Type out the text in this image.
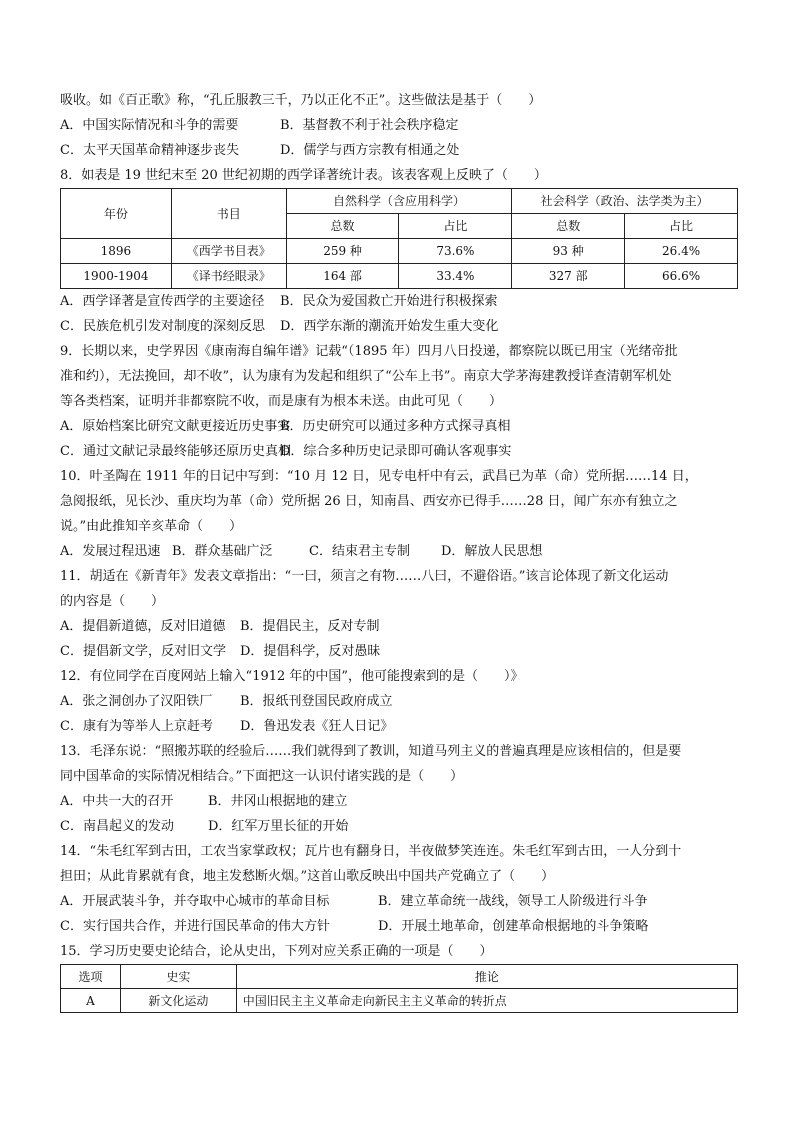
吸收。如《百正歌》称，“孔丘服教三千，乃以正化不正”。这些做法是基于（　　）
A．中国实际情况和斗争的需要	B．基督教不利于社会秩序稳定
C．太平天国革命精神逐步丧失	D．儒学与西方宗教有相通之处
8．如表是 19 世纪末至 20 世纪初期的西学译著统计表。该表客观上反映了（　　）
年份	书目	自然科学（含应用科学）		社会科学（政治、法学类为主）	
		总数	占比	总数	占比
1896	《西学书目表》	259 种	73.6%	93 种	26.4%
1900-1904	《译书经眼录》	164 部	33.4%	327 部	66.6%
A．西学译著是宣传西学的主要途径	B．民众为爱国救亡开始进行积极探索
C．民族危机引发对制度的深刻反思	D．西学东渐的潮流开始发生重大变化
9．长期以来，史学界因《康南海自编年谱》记载“（1895 年）四月八日投递，都察院以既已用宝（光绪帝批
准和约），无法挽回，却不收”，认为康有为发起和组织了“公车上书”。南京大学茅海建教授详查清朝军机处
等各类档案，证明并非都察院不收，而是康有为根本未送。由此可见（　　）
A．原始档案比研究文献更接近历史事实
B．历史研究可以通过多种方式探寻真相
C．通过文献记录最终能够还原历史真相
D．综合多种历史记录即可确认客观事实
10．叶圣陶在 1911 年的日记中写到：“10 月 12 日，见专电杆中有云，武昌已为革（命）党所据……14 日，
急阅报纸，见长沙、重庆均为革（命）党所据 26 日，知南昌、西安亦已得手……28 日，闻广东亦有独立之
说。”由此推知辛亥革命（　　）
A．发展过程迅速 B．群众基础广泛	C．结束君主专制	D．解放人民思想
11．胡适在《新青年》发表文章指出：“一曰，须言之有物……八曰，不避俗语。”该言论体现了新文化运动
的内容是（　　）
A．提倡新道德，反对旧道德	B．提倡民主，反对专制
C．提倡新文学，反对旧文学	D．提倡科学，反对愚昧
12．有位同学在百度网站上输入“1912 年的中国”，他可能搜索到的是（　　）》
A．张之洞创办了汉阳铁厂	B．报纸刊登国民政府成立
C．康有为等举人上京赶考	D．鲁迅发表《狂人日记》
13．毛泽东说：“照搬苏联的经验后……我们就得到了教训，知道马列主义的普遍真理是应该相信的，但是要
同中国革命的实际情况相结合。”下面把这一认识付诸实践的是（　　）
A．中共一大的召开	B．井冈山根据地的建立
C．南昌起义的发动	D．红军万里长征的开始
14．“朱毛红军到古田，工农当家掌政权；瓦片也有翻身日，半夜做梦笑连连。朱毛红军到古田，一人分到十
担田；从此肯累就有食，地主发愁断火烟。”这首山歌反映出中国共产党确立了（　　）
A．开展武装斗争，并夺取中心城市的革命目标	B．建立革命统一战线，领导工人阶级进行斗争
C．实行国共合作，并进行国民革命的伟大方针	D．开展土地革命，创建革命根据地的斗争策略
15．学习历史要史论结合，论从史出，下列对应关系正确的一项是（　　）
选项	史实	推论
A	新文化运动	中国旧民主主义革命走向新民主主义革命的转折点
